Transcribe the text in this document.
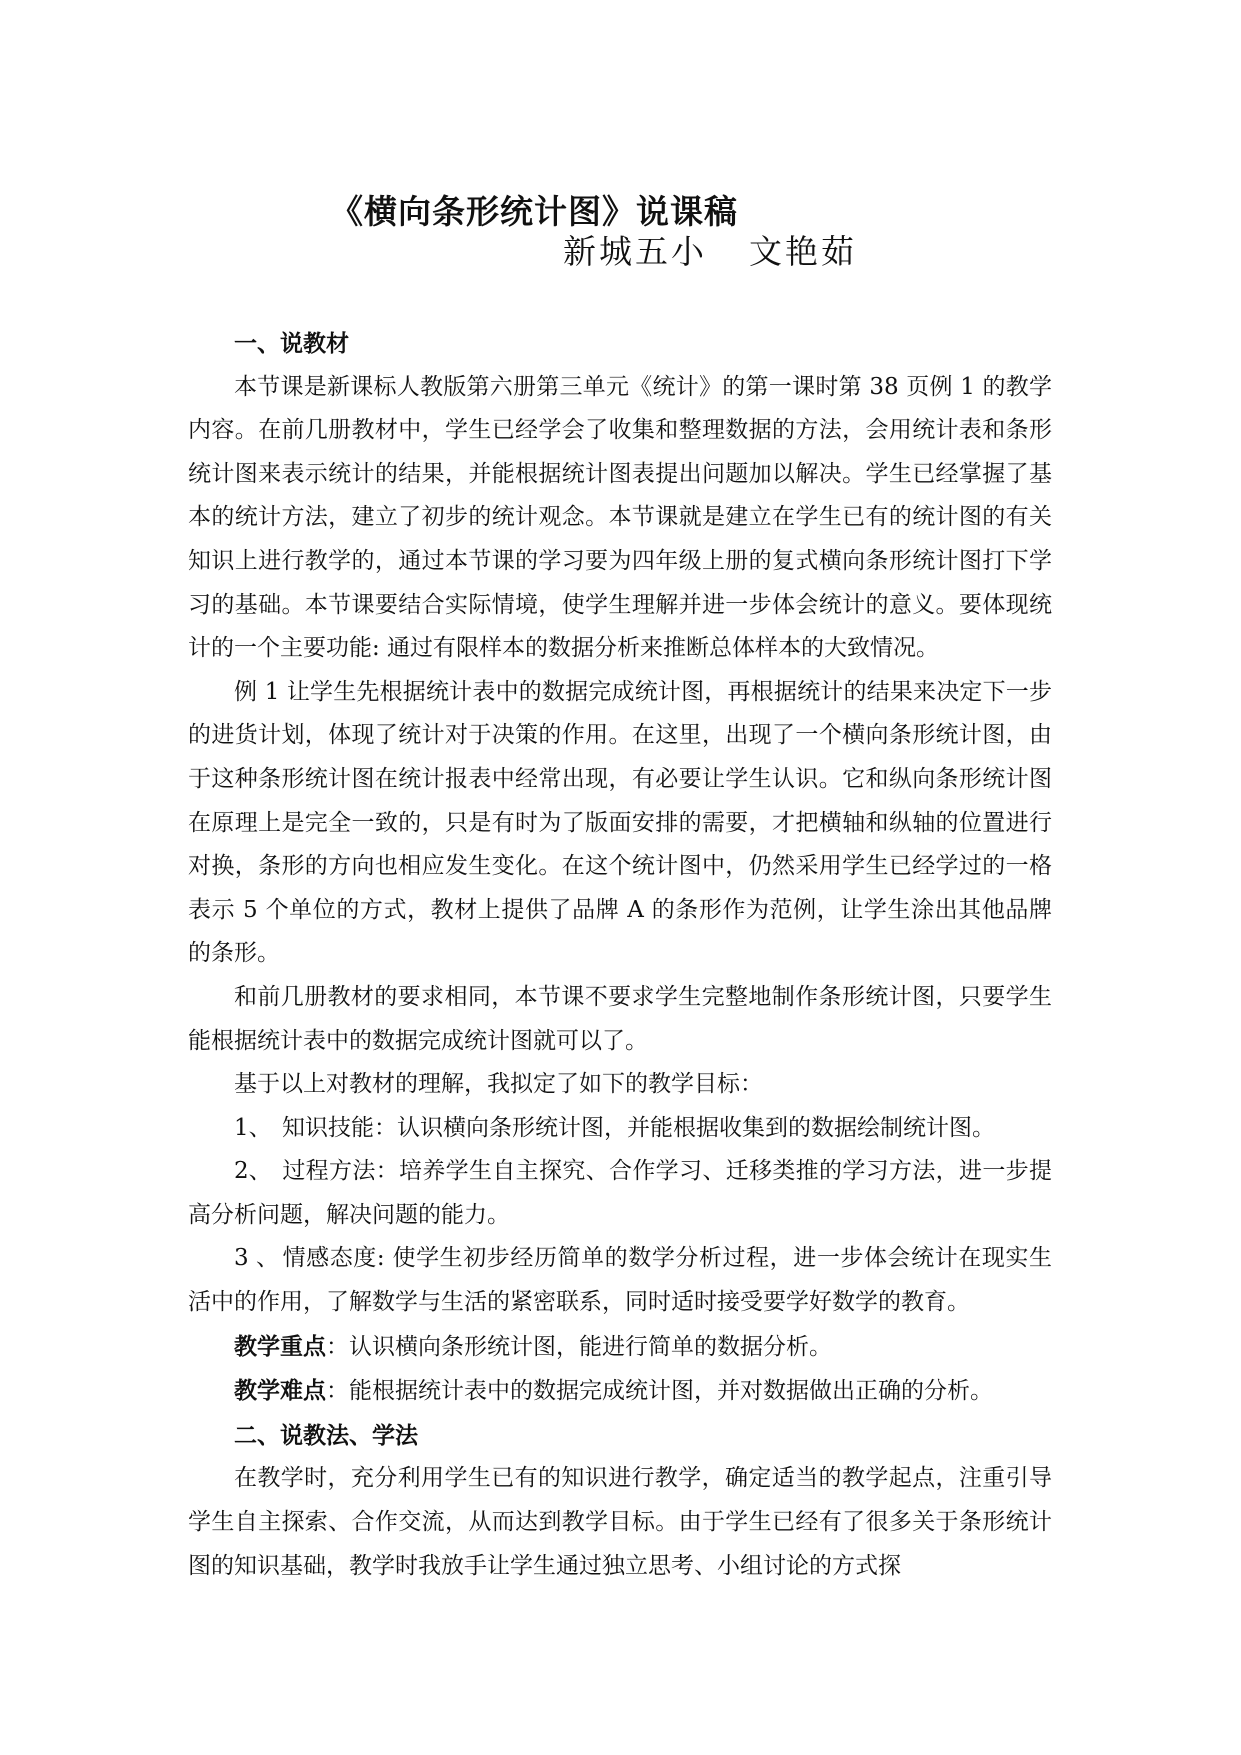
《横向条形统计图》说课稿
新城五小 文艳茹

一、说教材

本节课是新课标人教版第六册第三单元《统计》的第一课时第 38 页例 1 的教学内容。在前几册教材中，学生已经学会了收集和整理数据的方法，会用统计表和条形统计图来表示统计的结果，并能根据统计图表提出问题加以解决。学生已经掌握了基本的统计方法，建立了初步的统计观念。本节课就是建立在学生已有的统计图的有关知识上进行教学的，通过本节课的学习要为四年级上册的复式横向条形统计图打下学习的基础。本节课要结合实际情境，使学生理解并进一步体会统计的意义。要体现统计的一个主要功能: 通过有限样本的数据分析来推断总体样本的大致情况。

例 1 让学生先根据统计表中的数据完成统计图，再根据统计的结果来决定下一步的进货计划，体现了统计对于决策的作用。在这里，出现了一个横向条形统计图，由于这种条形统计图在统计报表中经常出现，有必要让学生认识。它和纵向条形统计图在原理上是完全一致的，只是有时为了版面安排的需要，才把横轴和纵轴的位置进行对换，条形的方向也相应发生变化。在这个统计图中，仍然采用学生已经学过的一格表示 5 个单位的方式，教材上提供了品牌 A 的条形作为范例，让学生涂出其他品牌的条形。

和前几册教材的要求相同，本节课不要求学生完整地制作条形统计图，只要学生能根据统计表中的数据完成统计图就可以了。

基于以上对教材的理解，我拟定了如下的教学目标：

1、 知识技能：认识横向条形统计图，并能根据收集到的数据绘制统计图。

2、 过程方法：培养学生自主探究、合作学习、迁移类推的学习方法，进一步提高分析问题，解决问题的能力。

3 、 情感态度: 使学生初步经历简单的数学分析过程，进一步体会统计在现实生活中的作用，了解数学与生活的紧密联系，同时适时接受要学好数学的教育。

教学重点：认识横向条形统计图，能进行简单的数据分析。

教学难点：能根据统计表中的数据完成统计图，并对数据做出正确的分析。

二、说教法、学法

在教学时，充分利用学生已有的知识进行教学，确定适当的教学起点，注重引导学生自主探索、合作交流，从而达到教学目标。由于学生已经有了很多关于条形统计图的知识基础，教学时我放手让学生通过独立思考、小组讨论的方式探
